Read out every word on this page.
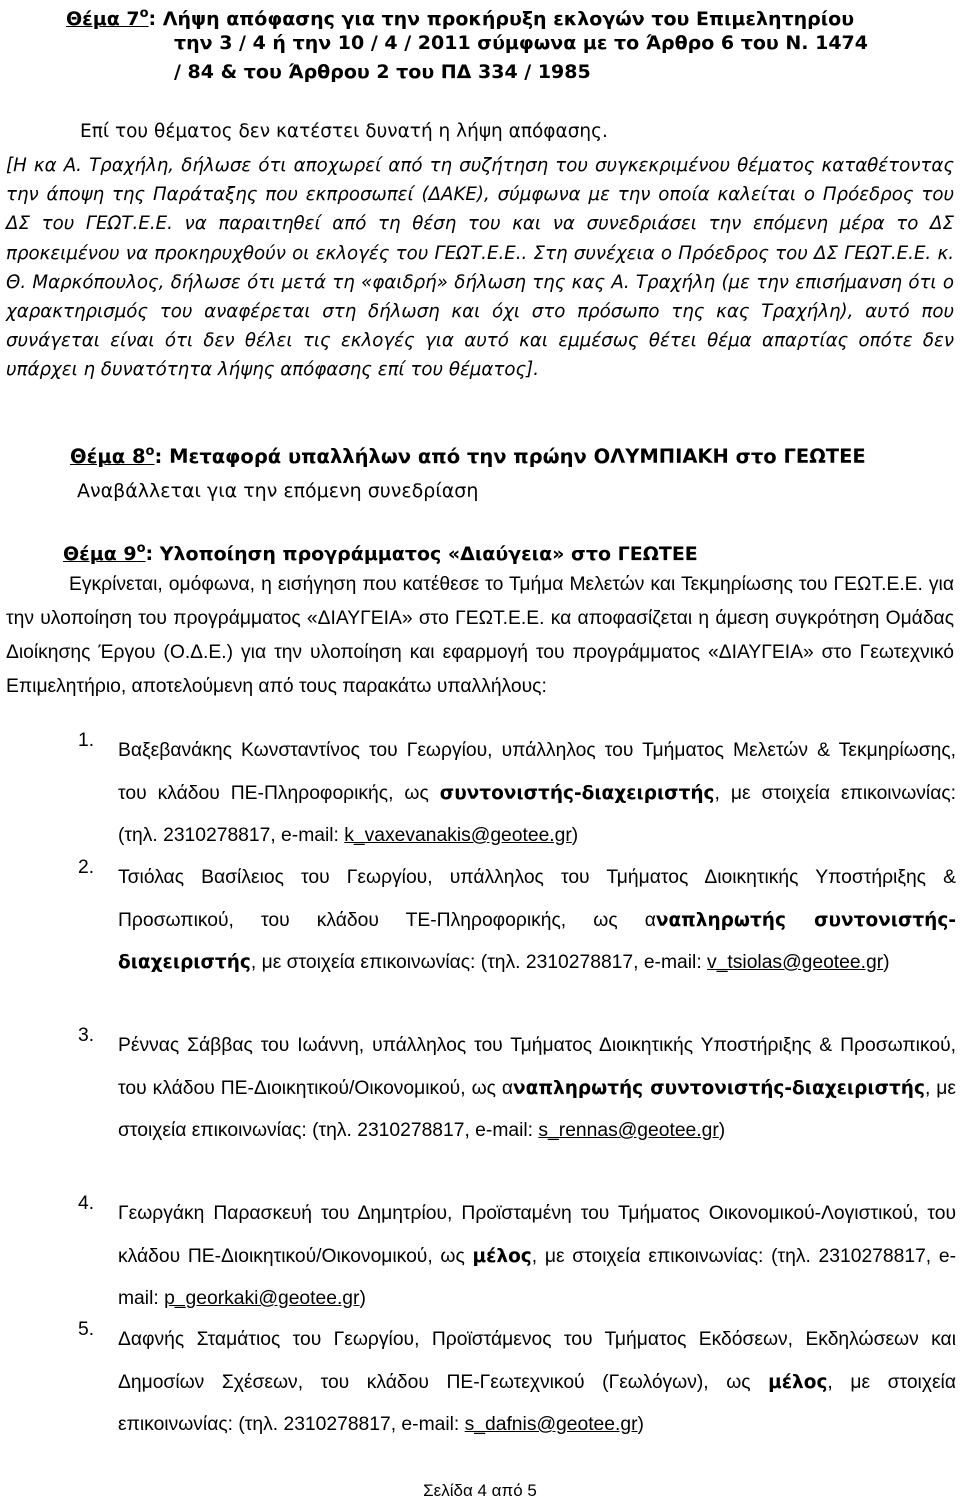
Θέμα $7^o$: Λήψη απόφασης για την προκήρυξη εκλογών του Επιμελητηρίου
την 3 / 4 ή την 10 / 4 / 2011 σύμφωνα με το Άρθρο 6 του Ν. 1474
/ 84 & του Άρθρου 2 του ΠΔ 334 / 1985
Επί του θέματος δεν κατέστει δυνατή η λήψη απόφασης.
[Η κα Α. Τραχήλη, δήλωσε ότι αποχωρεί από τη συζήτηση του συγκεκριμένου θέματος καταθέτοντας την άποψη της Παράταξης που εκπροσωπεί (ΔΑΚΕ), σύμφωνα με την οποία καλείται ο Πρόεδρος του ΔΣ του ΓΕΩΤ.Ε.Ε. να παραιτηθεί από τη θέση του και να συνεδριάσει την επόμενη μέρα το ΔΣ προκειμένου να προκηρυχθούν οι εκλογές του ΓΕΩΤ.Ε.Ε.. Στη συνέχεια ο Πρόεδρος του ΔΣ ΓΕΩΤ.Ε.Ε. κ. Θ. Μαρκόπουλος, δήλωσε ότι μετά τη «φαιδρή» δήλωση της κας Α. Τραχήλη (με την επισήμανση ότι ο χαρακτηρισμός του αναφέρεται στη δήλωση και όχι στο πρόσωπο της κας Τραχήλη), αυτό που συνάγεται είναι ότι δεν θέλει τις εκλογές για αυτό και εμμέσως θέτει θέμα απαρτίας οπότε δεν υπάρχει η δυνατότητα λήψης απόφασης επί του θέματος].
Θέμα $8^o$: Μεταφορά υπαλλήλων από την πρώην ΟΛΥΜΠΙΑΚΗ στο ΓΕΩΤΕΕ
Αναβάλλεται για την επόμενη συνεδρίαση
Θέμα $9^o$: Υλοποίηση προγράμματος «Διαύγεια» στο ΓΕΩΤΕΕ
Εγκρίνεται, ομόφωνα, η εισήγηση που κατέθεσε το Τμήμα Μελετών και Τεκμηρίωσης του ΓΕΩΤ.Ε.Ε. για την υλοποίηση του προγράμματος «ΔΙΑΥΓΕΙΑ» στο ΓΕΩΤ.Ε.Ε. κα αποφασίζεται η άμεση συγκρότηση Ομάδας Διοίκησης Έργου (Ο.Δ.Ε.) για την υλοποίηση και εφαρμογή του προγράμματος «ΔΙΑΥΓΕΙΑ» στο Γεωτεχνικό Επιμελητήριο, αποτελούμενη από τους παρακάτω υπαλλήλους:
1. Βαξεβανάκης Κωνσταντίνος του Γεωργίου, υπάλληλος του Τμήματος Μελετών & Τεκμηρίωσης, του κλάδου ΠΕ-Πληροφορικής, ως συντονιστής-διαχειριστής, με στοιχεία επικοινωνίας: (τηλ. 2310278817, e-mail: k_vaxevanakis@geotee.gr)
2. Τσιόλας Βασίλειος του Γεωργίου, υπάλληλος του Τμήματος Διοικητικής Υποστήριξης & Προσωπικού, του κλάδου ΤΕ-Πληροφορικής, ως αναπληρωτής συντονιστής-διαχειριστής, με στοιχεία επικοινωνίας: (τηλ. 2310278817, e-mail: v_tsiolas@geotee.gr)
3. Ρέννας Σάββας του Ιωάννη, υπάλληλος του Τμήματος Διοικητικής Υποστήριξης & Προσωπικού, του κλάδου ΠΕ-Διοικητικού/Οικονομικού, ως αναπληρωτής συντονιστής-διαχειριστής, με στοιχεία επικοινωνίας: (τηλ. 2310278817, e-mail: s_rennas@geotee.gr)
4. Γεωργάκη Παρασκευή του Δημητρίου, Προϊσταμένη του Τμήματος Οικονομικού-Λογιστικού, του κλάδου ΠΕ-Διοικητικού/Οικονομικού, ως μέλος, με στοιχεία επικοινωνίας: (τηλ. 2310278817, e-mail: p_georkaki@geotee.gr)
5. Δαφνής Σταμάτιος του Γεωργίου, Προϊστάμενος του Τμήματος Εκδόσεων, Εκδηλώσεων και Δημοσίων Σχέσεων, του κλάδου ΠΕ-Γεωτεχνικού (Γεωλόγων), ως μέλος, με στοιχεία επικοινωνίας: (τηλ. 2310278817, e-mail: s_dafnis@geotee.gr)
Σελίδα 4 από 5
